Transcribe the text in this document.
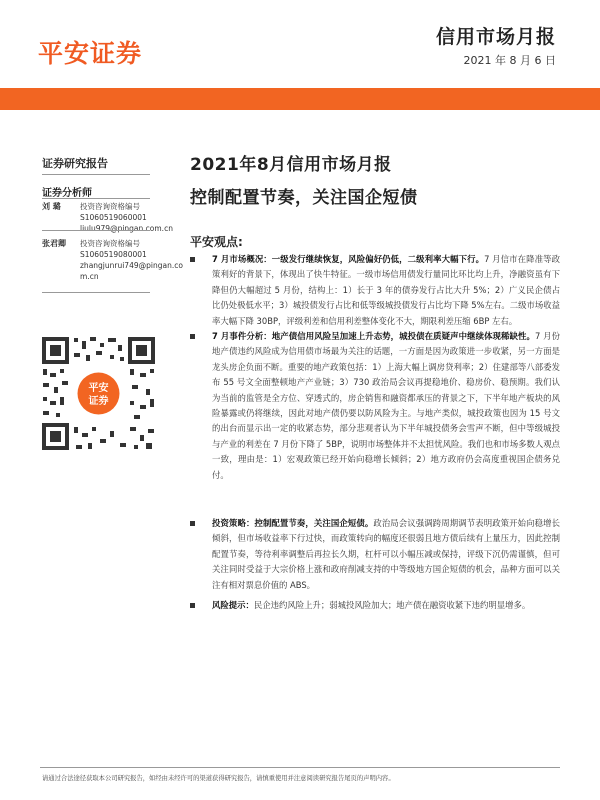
平安证券
信用市场月报
2021 年 8 月 6 日
证券研究报告
证券分析师
刘 璐	投资咨询资格编号
S1060519060001
liulu979@pingan.com.cn
张君卿 投资咨询资格编号
S1060519080001
zhangjunrui749@pingan.co m.cn
平安
证券
2021年8月信用市场月报
控制配置节奏，关注国企短债
平安观点:
7 月市场概况：一级发行继续恢复，风险偏好仍低，二级利率大幅下行。7 月信市在降准等政策利好的背景下，体现出了快牛特征。一级市场信用债发行量同比环比均上升，净融资虽有下降但仍大幅超过 5 月份，结构上：1）长于 3 年的债券发行占比大升 5%；2）广义民企债占比仍处极低水平；3）城投债发行占比和低等级城投债发行占比均下降 5%左右。二级市场收益率大幅下降 30BP，评级利差和信用利差整体变化不大，期限利差压缩 6BP 左右。
7 月事件分析：地产债信用风险呈加速上升态势，城投债在质疑声中继续体现稀缺性。7 月份地产债违约风险成为信用债市场最为关注的话题，一方面是因为政策进一步收紧，另一方面是龙头房企负面不断。重要的地产政策包括：1）上海大幅上调房贷利率；2）住建部等八部委发布 55 号文全面整顿地产产业链；3）730 政治局会议再提稳地价、稳房价、稳预期。我们认为当前的监管是全方位、穿透式的，房企销售和融资都承压的背景之下，下半年地产板块的风险暴露或仍将继续，因此对地产债仍要以防风险为主。与地产类似，城投政策也因为 15 号文的出台而显示出一定的收紧态势，部分悲观者认为下半年城投债务会雪声不断，但中等级城投与产业的利差在 7 月份下降了 5BP，说明市场整体并不太担忧风险。我们也和市场多数人观点一致，理由是：1）宏观政策已经开始向稳增长倾斜；2）地方政府仍会高度重视国企债务兑付。
投资策略：控制配置节奏，关注国企短债。政治局会议强调跨周期调节表明政策开始向稳增长倾斜，但市场收益率下行过快，而政策转向的幅度还很弱且地方债后续有上量压力，因此控制配置节奏，等待利率调整后再拉长久期，杠杆可以小幅压减或保持，评级下沉仍需谨慎，但可关注同时受益于大宗价格上涨和政府削减支持的中等级地方国企短债的机会，品种方面可以关注有相对票息价值的 ABS。
风险提示：民企违约风险上升；弱城投风险加大；地产债在融资收紧下违约明显增多。
请通过合法途径获取本公司研究报告，如经由未经许可的渠道获得研究报告，请慎重使用并注意阅读研究报告尾页的声明内容。
